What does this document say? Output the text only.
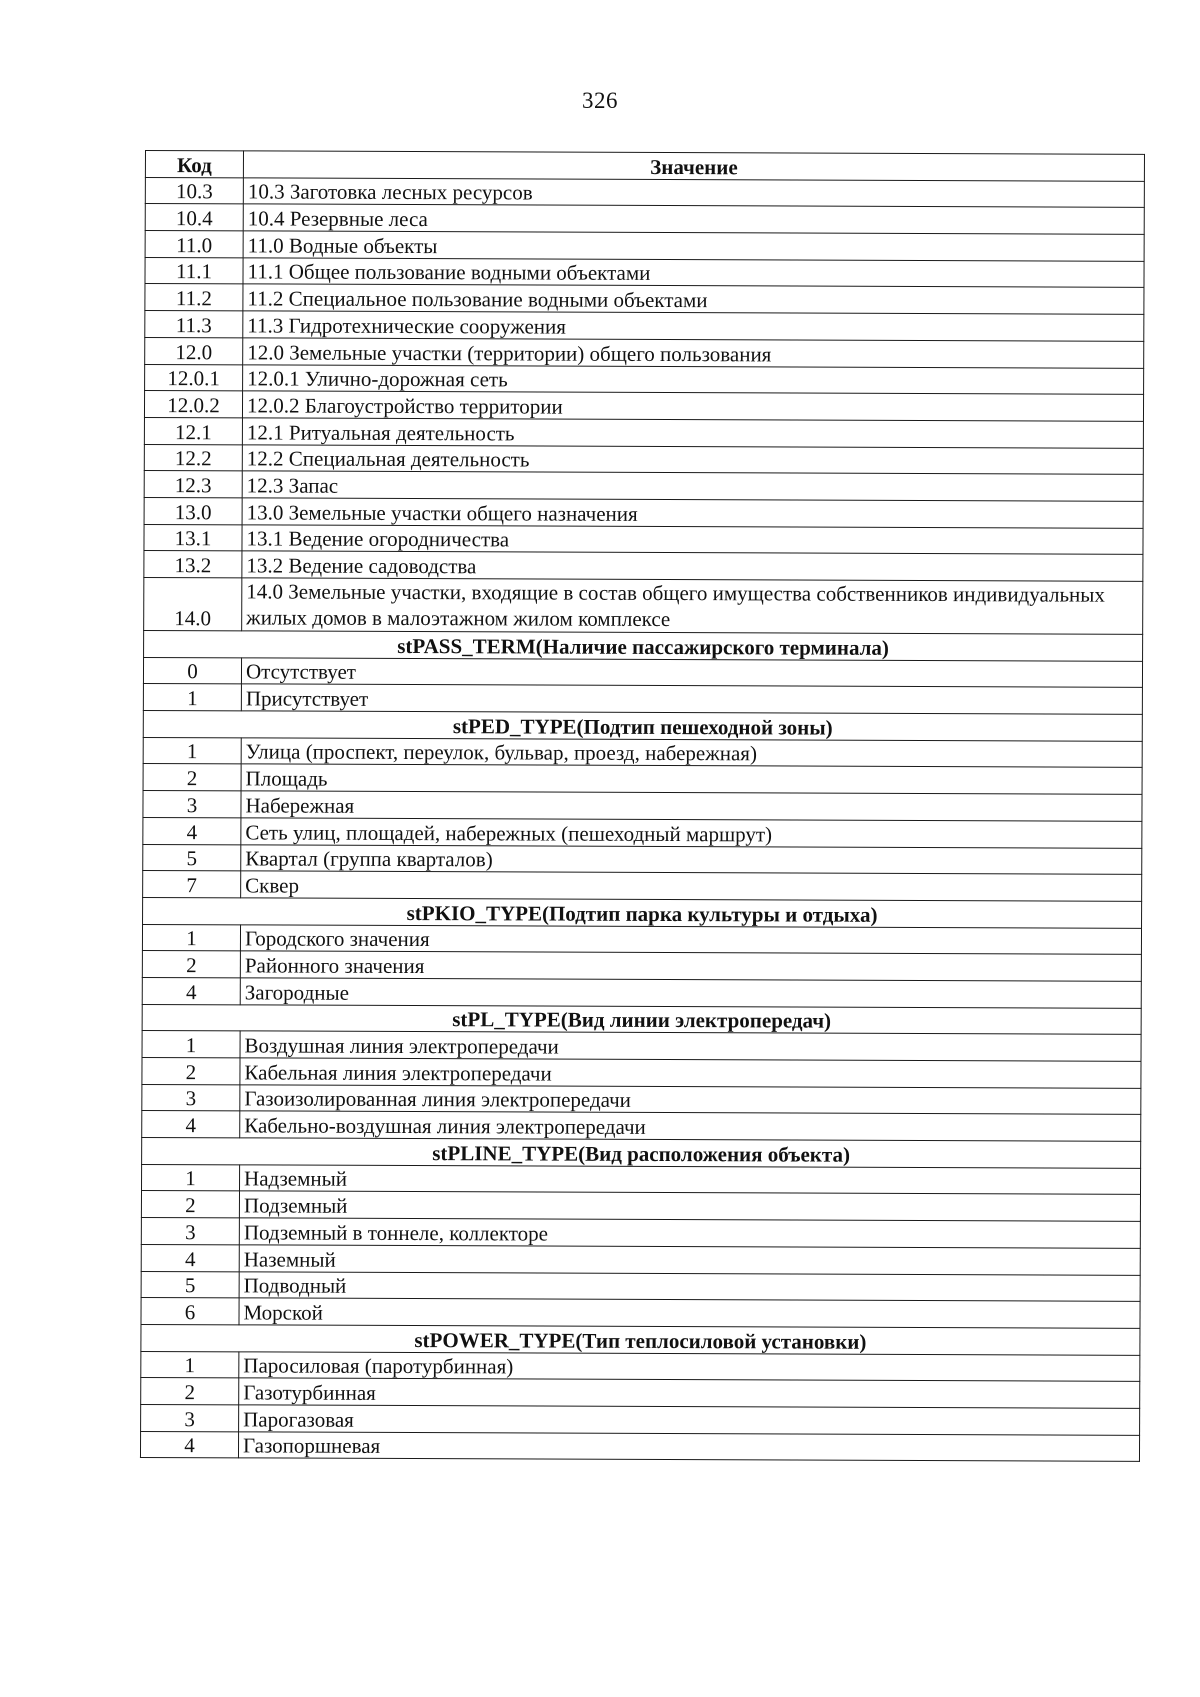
326
Код	Значение
10.3	10.3 Заготовка лесных ресурсов
10.4	10.4 Резервные леса
11.0	11.0 Водные объекты
11.1	11.1 Общее пользование водными объектами
11.2	11.2 Специальное пользование водными объектами
11.3	11.3 Гидротехнические сооружения
12.0	12.0 Земельные участки (территории) общего пользования
12.0.1	12.0.1 Улично-дорожная сеть
12.0.2	12.0.2 Благоустройство территории
12.1	12.1 Ритуальная деятельность
12.2	12.2 Специальная деятельность
12.3	12.3 Запас
13.0	13.0 Земельные участки общего назначения
13.1	13.1 Ведение огородничества
13.2	13.2 Ведение садоводства
14.0	14.0 Земельные участки, входящие в состав общего имущества собственников индивидуальных жилых домов в малоэтажном жилом комплексе
stPASS_TERM(Наличие пассажирского терминала)	
0	Отсутствует
1	Присутствует
stPED_TYPE(Подтип пешеходной зоны)	
1	Улица (проспект, переулок, бульвар, проезд, набережная)
2	Площадь
3	Набережная
4	Сеть улиц, площадей, набережных (пешеходный маршрут)
5	Квартал (группа кварталов)
7	Сквер
stPKIO_TYPE(Подтип парка культуры и отдыха)	
1	Городского значения
2	Районного значения
4	Загородные
stPL_TYPE(Вид линии электропередач)	
1	Воздушная линия электропередачи
2	Кабельная линия электропередачи
3	Газоизолированная линия электропередачи
4	Кабельно-воздушная линия электропередачи
stPLINE_TYPE(Вид расположения объекта)	
1	Надземный
2	Подземный
3	Подземный в тоннеле, коллекторе
4	Наземный
5	Подводный
6	Морской
stPOWER_TYPE(Тип теплосиловой установки)	
1	Паросиловая (паротурбинная)
2	Газотурбинная
3	Парогазовая
4	Газопоршневая
